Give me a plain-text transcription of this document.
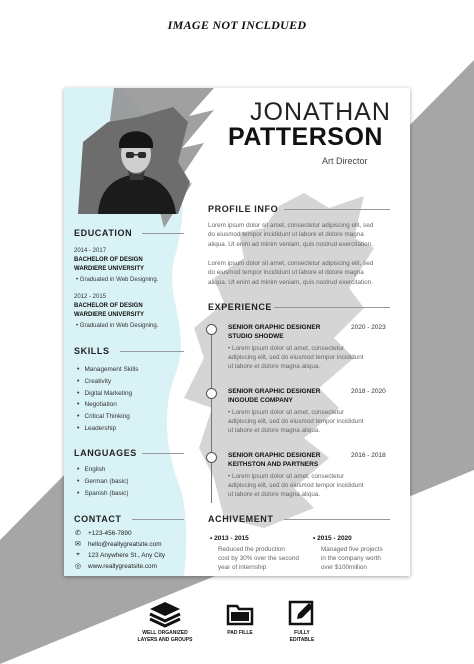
IMAGE NOT INCLDUED
JONATHAN
PATTERSON
Art Director
EDUCATION
2014 - 2017
BACHELOR OF DESIGN
WARDIERE UNIVERSITY
• Graduated in Web Designing.
2012 - 2015
BACHELOR OF DESIGN
WARDIERE UNIVERSITY
• Graduated in Web Designing.
SKILLS
• Management Skills
• Creativity
• Digital Marketing
• Negotiation
• Critical Thinking
• Leadership
LANGUAGES
• English
• German (basic)
• Spanish (basic)
CONTACT
✆ +123-456-7890
✉ hello@reallygreatsite.com
⌖ 123 Anywhere St., Any City
◎ www.reallygreatsite.com
PROFILE INFO
Lorem ipsum dolor sit amet, consectetur adipiscing elit, sed
do eiusmod tempor incididunt ut labore et dolore magna
aliqua. Ut enim ad minim veniam, quis nostrud exercitation.
Lorem ipsum dolor sit amet, consectetur adipiscing elit, sed
do eiusmod tempor incididunt ut labore et dolore magna
aliqua. Ut enim ad minim veniam, quis nostrud exercitation.
EXPERIENCE
SENIOR GRAPHIC DESIGNER
STUDIO SHODWE
2020 - 2023
• Lorem ipsum dolor sit amet, consectetur
adipiscing elit, sed do eiusmod tempor incididunt
ut labore et dolore magna aliqua.
SENIOR GRAPHIC DESIGNER
INGOUDE COMPANY
2018 - 2020
• Lorem ipsum dolor sit amet, consectetur
adipiscing elit, sed do eiusmod tempor incididunt
ut labore et dolore magna aliqua.
SENIOR GRAPHIC DESIGNER
KEITHSTON AND PARTNERS
2016 - 2018
• Lorem ipsum dolor sit amet, consectetur
adipiscing elit, sed do eiusmod tempor incididunt
ut labore et dolore magna aliqua.
ACHIVEMENT
• 2013 - 2015
Reduced the production
cost by 30% over the second
year of internship
• 2015 - 2020
Managed five projects
in the company worth
over $100million
WELL ORGANIZED
LAYERS AND GROUPS
PAD FILLE	FULLY
EDITABLE
